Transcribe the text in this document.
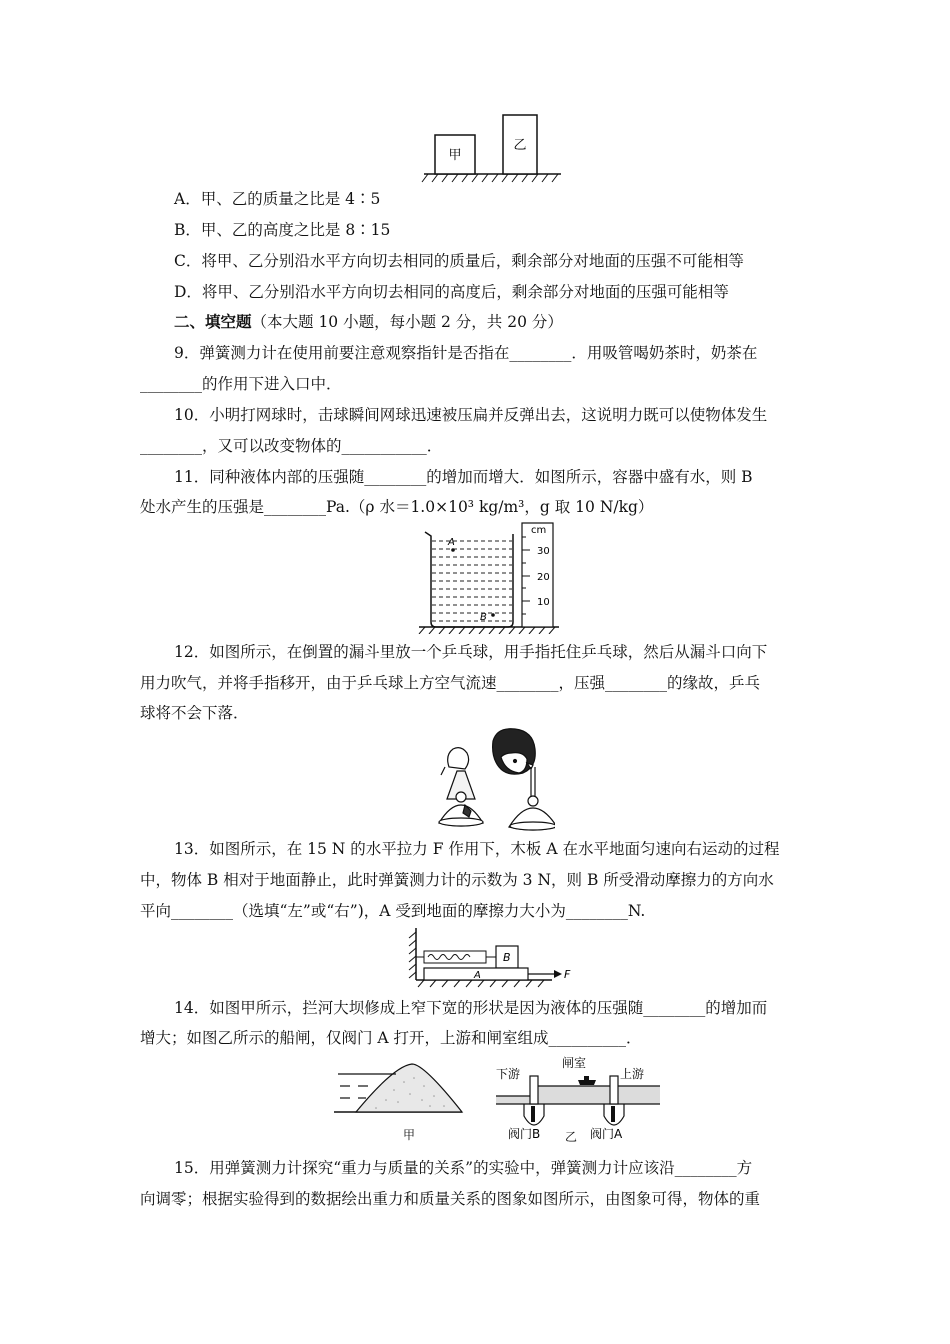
甲
乙
A．甲、乙的质量之比是 4∶5
B．甲、乙的高度之比是 8∶15
C．将甲、乙分别沿水平方向切去相同的质量后，剩余部分对地面的压强不可能相等
D．将甲、乙分别沿水平方向切去相同的高度后，剩余部分对地面的压强可能相等
二、填空题（本大题 10 小题，每小题 2 分，共 20 分）
9．弹簧测力计在使用前要注意观察指针是否指在________．用吸管喝奶茶时，奶茶在
________的作用下进入口中．
10．小明打网球时，击球瞬间网球迅速被压扁并反弹出去，这说明力既可以使物体发生
________，又可以改变物体的___________．
11．同种液体内部的压强随________的增加而增大．如图所示，容器中盛有水，则 B
处水产生的压强是________Pa.（ρ 水＝1.0×10³ kg/m³，g 取 10 N/kg）
A
B
cm
30
20
10
12．如图所示，在倒置的漏斗里放一个乒乓球，用手指托住乒乓球，然后从漏斗口向下
用力吹气，并将手指移开，由于乒乓球上方空气流速________，压强________的缘故，乒乓
球将不会下落．
13．如图所示，在 15 N 的水平拉力 F 作用下，木板 A 在水平地面匀速向右运动的过程
中，物体 B 相对于地面静止，此时弹簧测力计的示数为 3 N，则 B 所受滑动摩擦力的方向水
平向________（选填“左”或“右”)，A 受到地面的摩擦力大小为________N.
B
A	F
14．如图甲所示，拦河大坝修成上窄下宽的形状是因为液体的压强随________的增加而
增大；如图乙所示的船闸，仅阀门 A 打开，上游和闸室组成__________．
甲
下游
闸室
上游
阀门B	阀门A
乙
15．用弹簧测力计探究“重力与质量的关系”的实验中，弹簧测力计应该沿________方
向调零；根据实验得到的数据绘出重力和质量关系的图象如图所示，由图象可得，物体的重
